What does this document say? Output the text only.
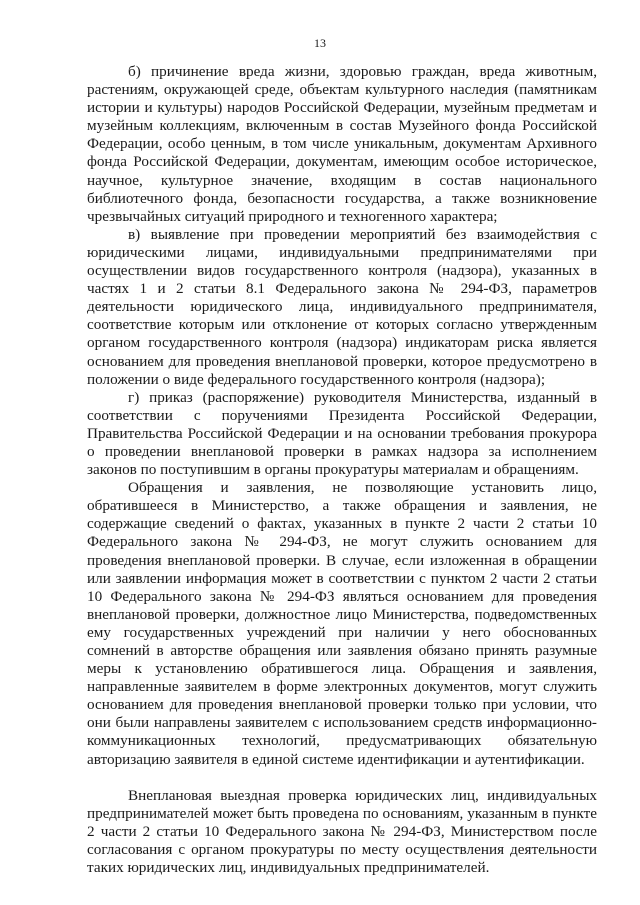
13

б) причинение вреда жизни, здоровью граждан, вреда животным, растениям, окружающей среде, объектам культурного наследия (памятникам истории и культуры) народов Российской Федерации, музейным предметам и музейным коллекциям, включенным в состав Музейного фонда Российской Федерации, особо ценным, в том числе уникальным, документам Архивного фонда Российской Федерации, документам, имеющим особое историческое, научное, культурное значение, входящим в состав национального библиотечного фонда, безопасности государства, а также возникновение чрезвычайных ситуаций природного и техногенного характера;

в) выявление при проведении мероприятий без взаимодействия с юридическими лицами, индивидуальными предпринимателями при осуществлении видов государственного контроля (надзора), указанных в частях 1 и 2 статьи 8.1 Федерального закона № 294-ФЗ, параметров деятельности юридического лица, индивидуального предпринимателя, соответствие которым или отклонение от которых согласно утвержденным органом государственного контроля (надзора) индикаторам риска является основанием для проведения внеплановой проверки, которое предусмотрено в положении о виде федерального государственного контроля (надзора);

г) приказ (распоряжение) руководителя Министерства, изданный в соответствии с поручениями Президента Российской Федерации, Правительства Российской Федерации и на основании требования прокурора о проведении внеплановой проверки в рамках надзора за исполнением законов по поступившим в органы прокуратуры материалам и обращениям.

Обращения и заявления, не позволяющие установить лицо, обратившееся в Министерство, а также обращения и заявления, не содержащие сведений о фактах, указанных в пункте 2 части 2 статьи 10 Федерального закона № 294-ФЗ, не могут служить основанием для проведения внеплановой проверки. В случае, если изложенная в обращении или заявлении информация может в соответствии с пунктом 2 части 2 статьи 10 Федерального закона № 294-ФЗ являться основанием для проведения внеплановой проверки, должностное лицо Министерства, подведомственных ему государственных учреждений при наличии у него обоснованных сомнений в авторстве обращения или заявления обязано принять разумные меры к установлению обратившегося лица. Обращения и заявления, направленные заявителем в форме электронных документов, могут служить основанием для проведения внеплановой проверки только при условии, что они были направлены заявителем с использованием средств информационно-коммуникационных технологий, предусматривающих обязательную авторизацию заявителя в единой системе идентификации и аутентификации.

Внеплановая выездная проверка юридических лиц, индивидуальных предпринимателей может быть проведена по основаниям, указанным в пункте 2 части 2 статьи 10 Федерального закона № 294-ФЗ, Министерством после согласования с органом прокуратуры по месту осуществления деятельности таких юридических лиц, индивидуальных предпринимателей.
